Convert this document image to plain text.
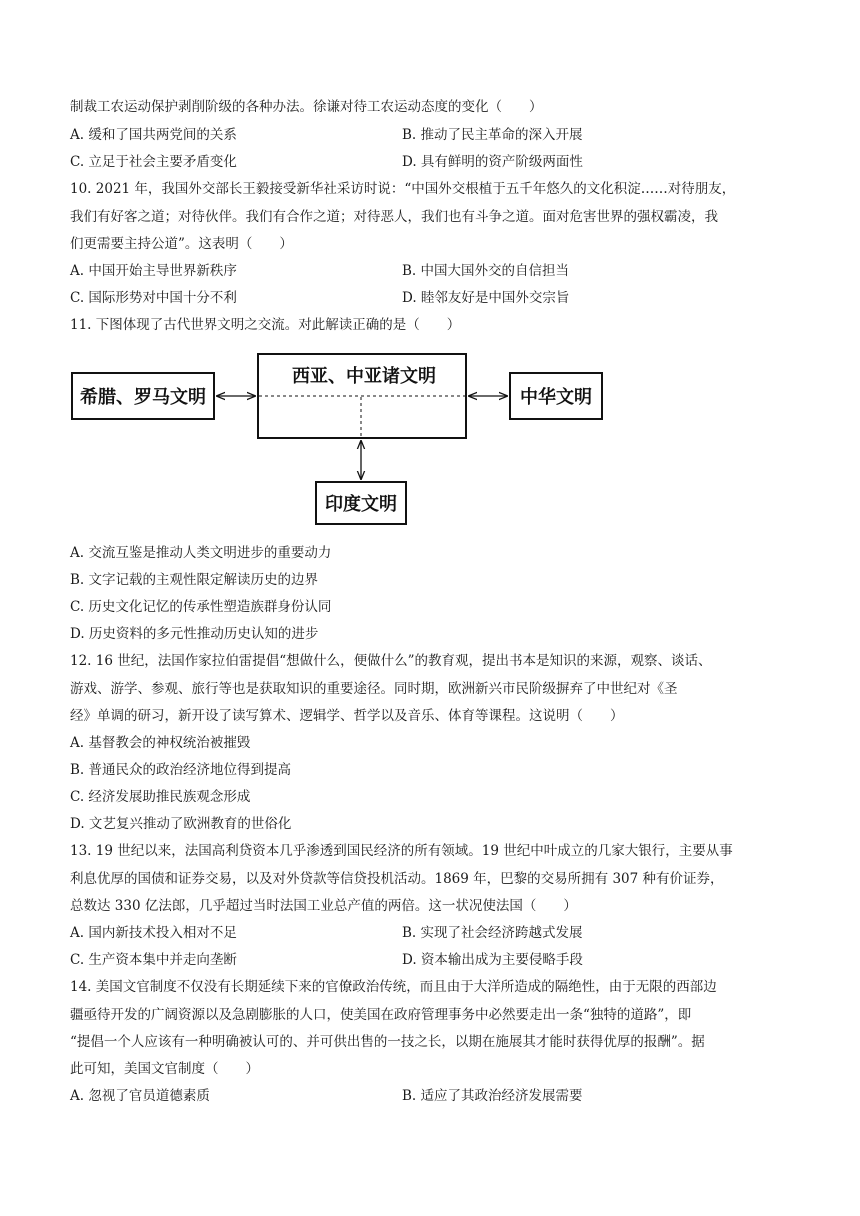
制裁工农运动保护剥削阶级的各种办法。徐谦对待工农运动态度的变化（　　）
A. 缓和了国共两党间的关系	B. 推动了民主革命的深入开展
C. 立足于社会主要矛盾变化	D. 具有鲜明的资产阶级两面性
10. 2021 年，我国外交部长王毅接受新华社采访时说：“中国外交根植于五千年悠久的文化积淀……对待朋友，
我们有好客之道；对待伙伴。我们有合作之道；对待恶人，我们也有斗争之道。面对危害世界的强权霸凌，我
们更需要主持公道”。这表明（　　）
A. 中国开始主导世界新秩序	B. 中国大国外交的自信担当
C. 国际形势对中国十分不利	D. 睦邻友好是中国外交宗旨
11. 下图体现了古代世界文明之交流。对此解读正确的是（　　）
西亚、中亚诸文明
希腊、罗马文明	中华文明
印度文明
A. 交流互鉴是推动人类文明进步的重要动力
B. 文字记载的主观性限定解读历史的边界
C. 历史文化记忆的传承性塑造族群身份认同
D. 历史资料的多元性推动历史认知的进步
12. 16 世纪，法国作家拉伯雷提倡“想做什么，便做什么”的教育观，提出书本是知识的来源，观察、谈话、
游戏、游学、参观、旅行等也是获取知识的重要途径。同时期，欧洲新兴市民阶级摒弃了中世纪对《圣
经》单调的研习，新开设了读写算术、逻辑学、哲学以及音乐、体育等课程。这说明（　　）
A. 基督教会的神权统治被摧毁
B. 普通民众的政治经济地位得到提高
C. 经济发展助推民族观念形成
D. 文艺复兴推动了欧洲教育的世俗化
13. 19 世纪以来，法国高利贷资本几乎渗透到国民经济的所有领域。19 世纪中叶成立的几家大银行，主要从事
利息优厚的国债和证券交易，以及对外贷款等信贷投机活动。1869 年，巴黎的交易所拥有 307 种有价证券，
总数达 330 亿法郎，几乎超过当时法国工业总产值的两倍。这一状况使法国（　　）
A. 国内新技术投入相对不足	B. 实现了社会经济跨越式发展
C. 生产资本集中并走向垄断	D. 资本输出成为主要侵略手段
14. 美国文官制度不仅没有长期延续下来的官僚政治传统，而且由于大洋所造成的隔绝性，由于无限的西部边
疆亟待开发的广阔资源以及急剧膨胀的人口，使美国在政府管理事务中必然要走出一条“独特的道路”，即
“提倡一个人应该有一种明确被认可的、并可供出售的一技之长，以期在施展其才能时获得优厚的报酬”。据
此可知，美国文官制度（　　）
A. 忽视了官员道德素质	B. 适应了其政治经济发展需要
